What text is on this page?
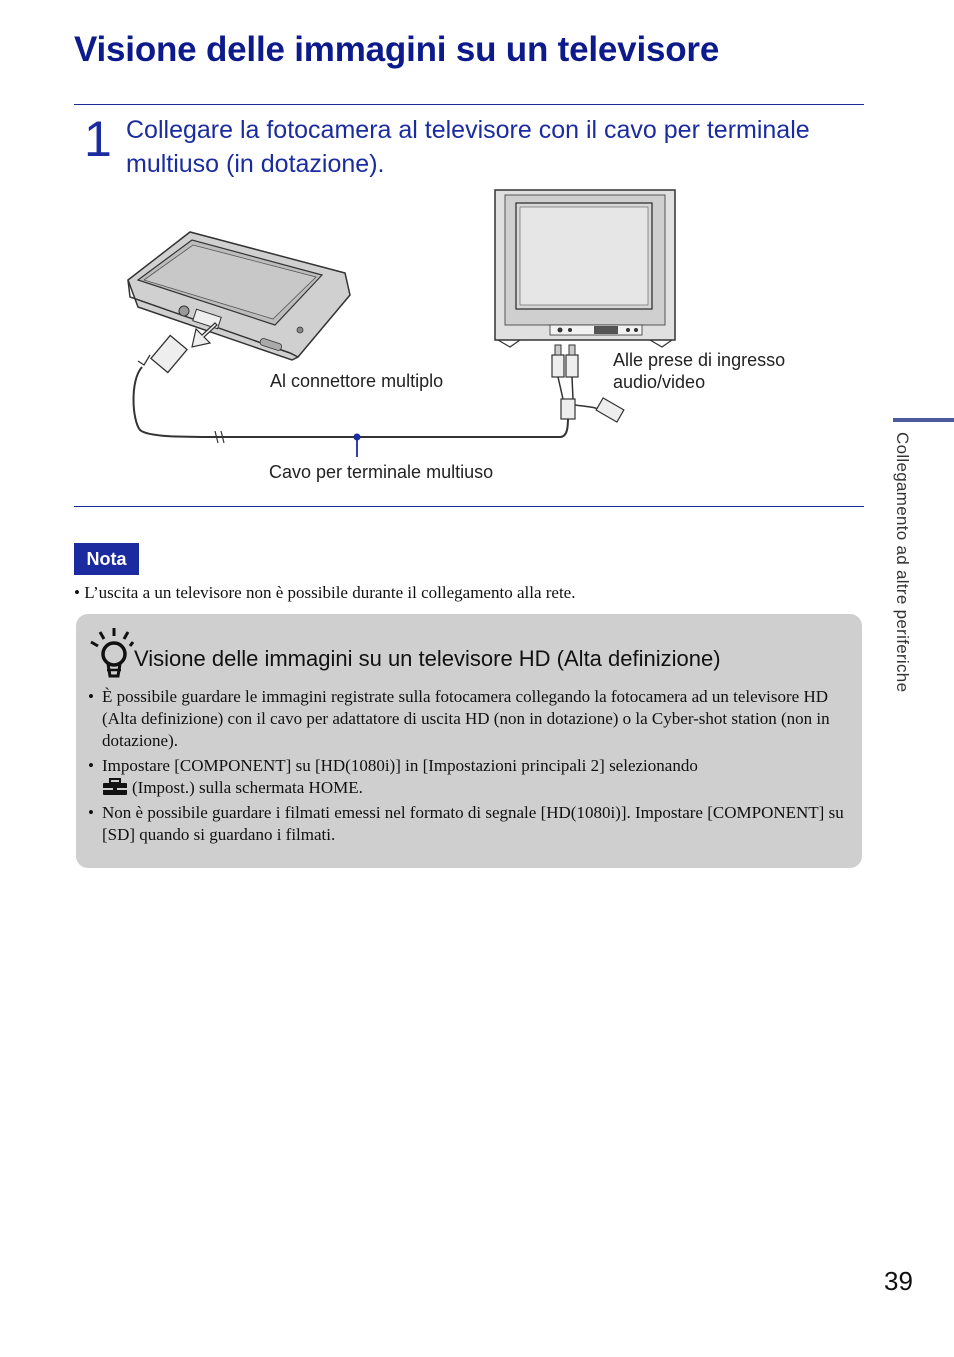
Visione delle immagini su un televisore
1 Collegare la fotocamera al televisore con il cavo per terminale multiuso (in dotazione).
Al connettore multiplo
Alle prese di ingresso
audio/video
Cavo per terminale multiuso
Nota
• L’uscita a un televisore non è possibile durante il collegamento alla rete.
Visione delle immagini su un televisore HD (Alta definizione)
• È possibile guardare le immagini registrate sulla fotocamera collegando la fotocamera ad un televisore HD (Alta definizione) con il cavo per adattatore di uscita HD (non in dotazione) o la Cyber-shot station (non in dotazione).
• Impostare [COMPONENT] su [HD(1080i)] in [Impostazioni principali 2] selezionando
(Impost.) sulla schermata HOME.
• Non è possibile guardare i filmati emessi nel formato di segnale [HD(1080i)]. Impostare [COMPONENT] su [SD] quando si guardano i filmati.
Collegamento ad altre periferiche
39
